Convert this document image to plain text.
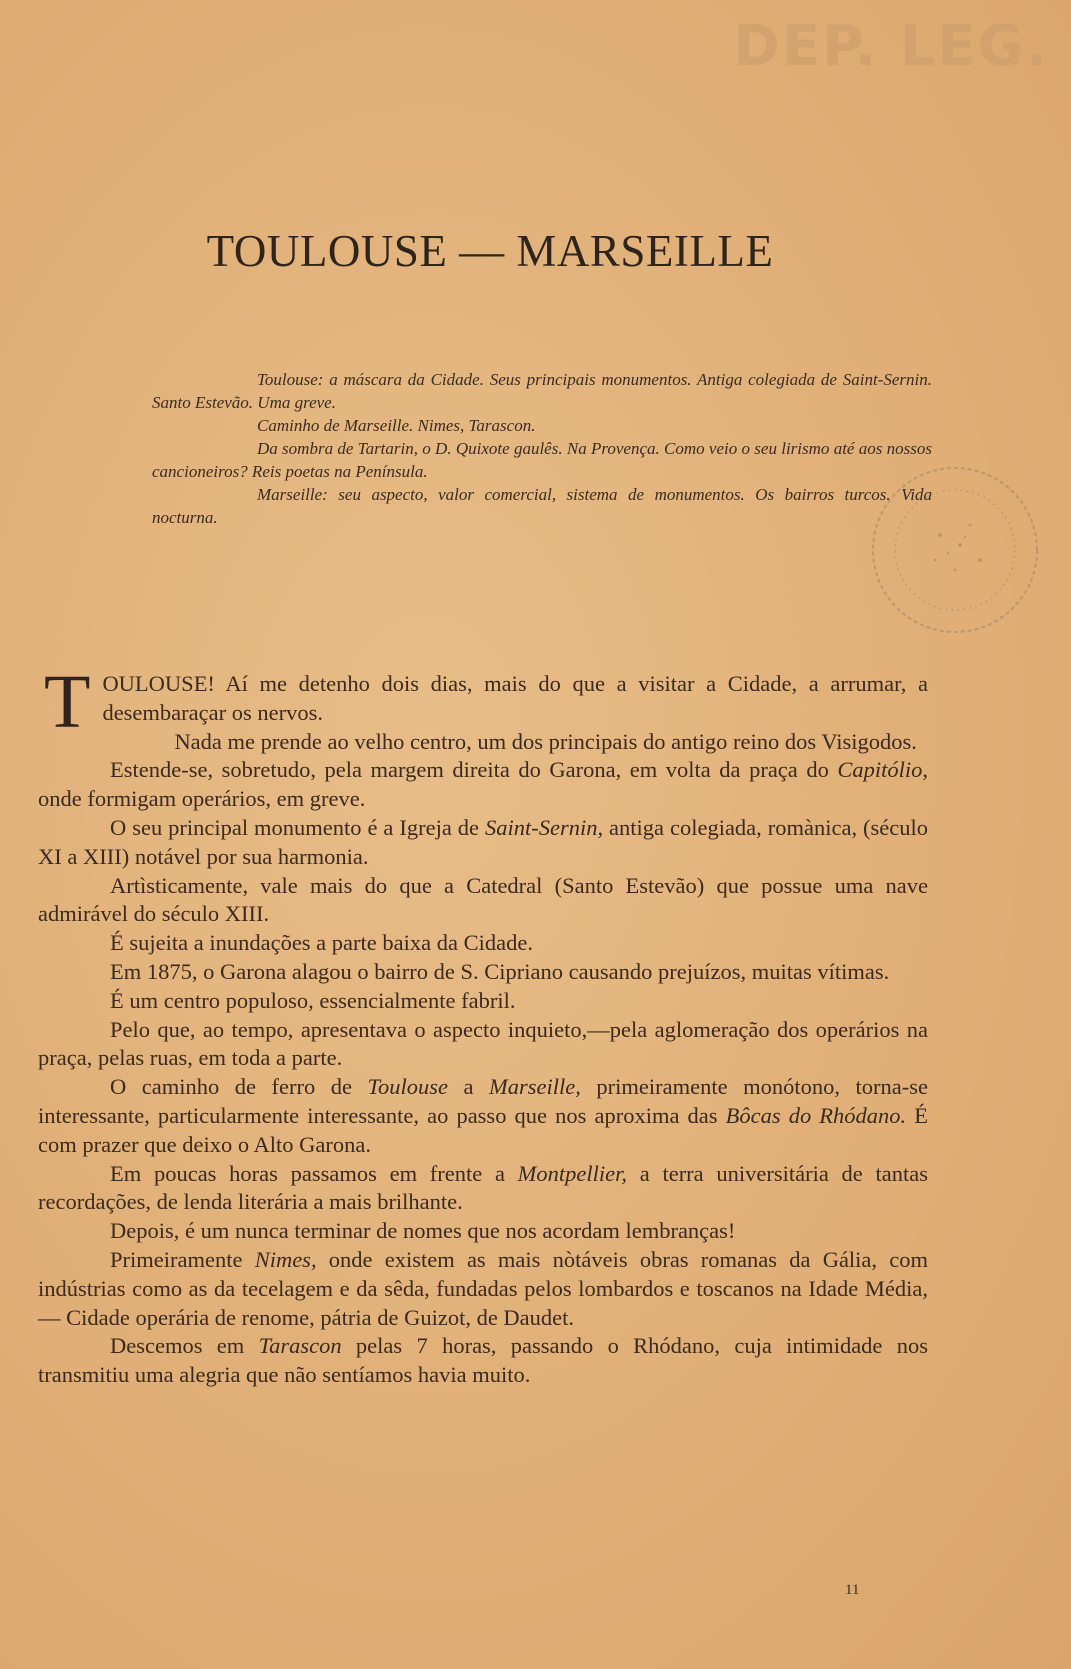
DEP. LEG.
TOULOUSE — MARSEILLE

Toulouse: a máscara da Cidade. Seus principais monumentos. Antiga colegiada de Saint-Sernin. Santo Estevão. Uma greve.

Caminho de Marseille. Nimes, Tarascon.

Da sombra de Tartarin, o D. Quixote gaulês. Na Provença. Como veio o seu lirismo até aos nossos cancioneiros? Reis poetas na Península.

Marseille: seu aspecto, valor comercial, sistema de monumentos. Os bairros turcos. Vida nocturna.

TOULOUSE! Aí me detenho dois dias, mais do que a visitar a Cidade, a arrumar, a desembaraçar os nervos.

Nada me prende ao velho centro, um dos principais do antigo reino dos Visigodos.

Estende-se, sobretudo, pela margem direita do Garona, em volta da praça do Capitólio, onde formigam operários, em greve.

O seu principal monumento é a Igreja de Saint-Sernin, antiga colegiada, romànica, (século XI a XIII) notável por sua harmonia.

Artìsticamente, vale mais do que a Catedral (Santo Estevão) que possue uma nave admirável do século XIII.

É sujeita a inundações a parte baixa da Cidade.

Em 1875, o Garona alagou o bairro de S. Cipriano causando prejuízos, muitas vítimas.

É um centro populoso, essencialmente fabril.

Pelo que, ao tempo, apresentava o aspecto inquieto,—pela aglomeração dos operários na praça, pelas ruas, em toda a parte.

O caminho de ferro de Toulouse a Marseille, primeiramente monótono, torna-se interessante, particularmente interessante, ao passo que nos aproxima das Bôcas do Rhódano. É com prazer que deixo o Alto Garona.

Em poucas horas passamos em frente a Montpellier, a terra universitária de tantas recordações, de lenda literária a mais brilhante.

Depois, é um nunca terminar de nomes que nos acordam lembranças!

Primeiramente Nimes, onde existem as mais nòtáveis obras romanas da Gália, com indústrias como as da tecelagem e da sêda, fundadas pelos lombardos e toscanos na Idade Média, — Cidade operária de renome, pátria de Guizot, de Daudet.

Descemos em Tarascon pelas 7 horas, passando o Rhódano, cuja intimidade nos transmitiu uma alegria que não sentíamos havia muito.

11
